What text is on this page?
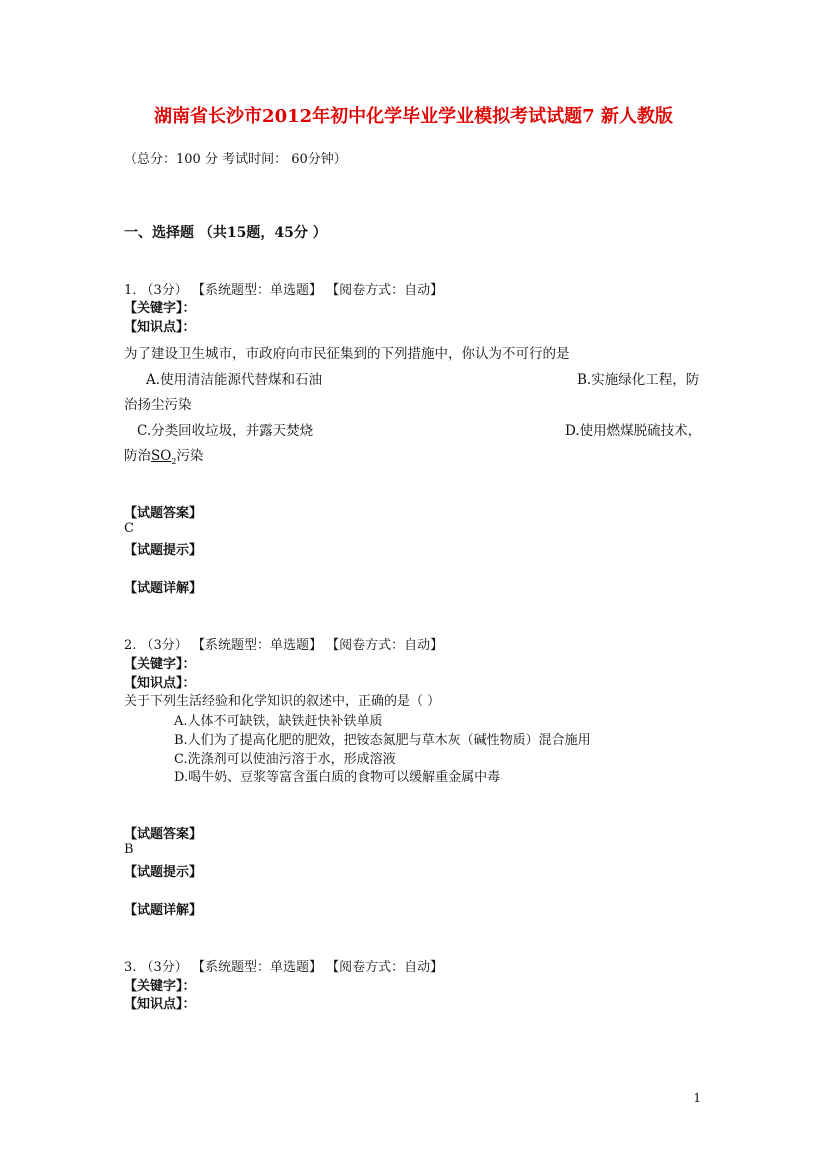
湖南省长沙市2012年初中化学毕业学业模拟考试试题7 新人教版
（总分：100 分 考试时间： 60分钟）
一、选择题 （共15题，45分 ）
1. （3分） 【系统题型：单选题】 【阅卷方式：自动】
【关键字】：
【知识点】：
为了建设卫生城市，市政府向市民征集到的下列措施中，你认为不可行的是
A.使用清洁能源代替煤和石油	B.实施绿化工程，防
治扬尘污染
C.分类回收垃圾，并露天焚烧	D.使用燃煤脱硫技术，
防治$SO_2$污染
【试题答案】
C
【试题提示】
【试题详解】
2. （3分） 【系统题型：单选题】 【阅卷方式：自动】
【关键字】：
【知识点】：
关于下列生活经验和化学知识的叙述中，正确的是（ ）
A.人体不可缺铁，缺铁赶快补铁单质
B.人们为了提高化肥的肥效，把铵态氮肥与草木灰（碱性物质）混合施用
C.洗涤剂可以使油污溶于水，形成溶液
D.喝牛奶、豆浆等富含蛋白质的食物可以缓解重金属中毒
【试题答案】
B
【试题提示】
【试题详解】
3. （3分） 【系统题型：单选题】 【阅卷方式：自动】
【关键字】：
【知识点】：
1
